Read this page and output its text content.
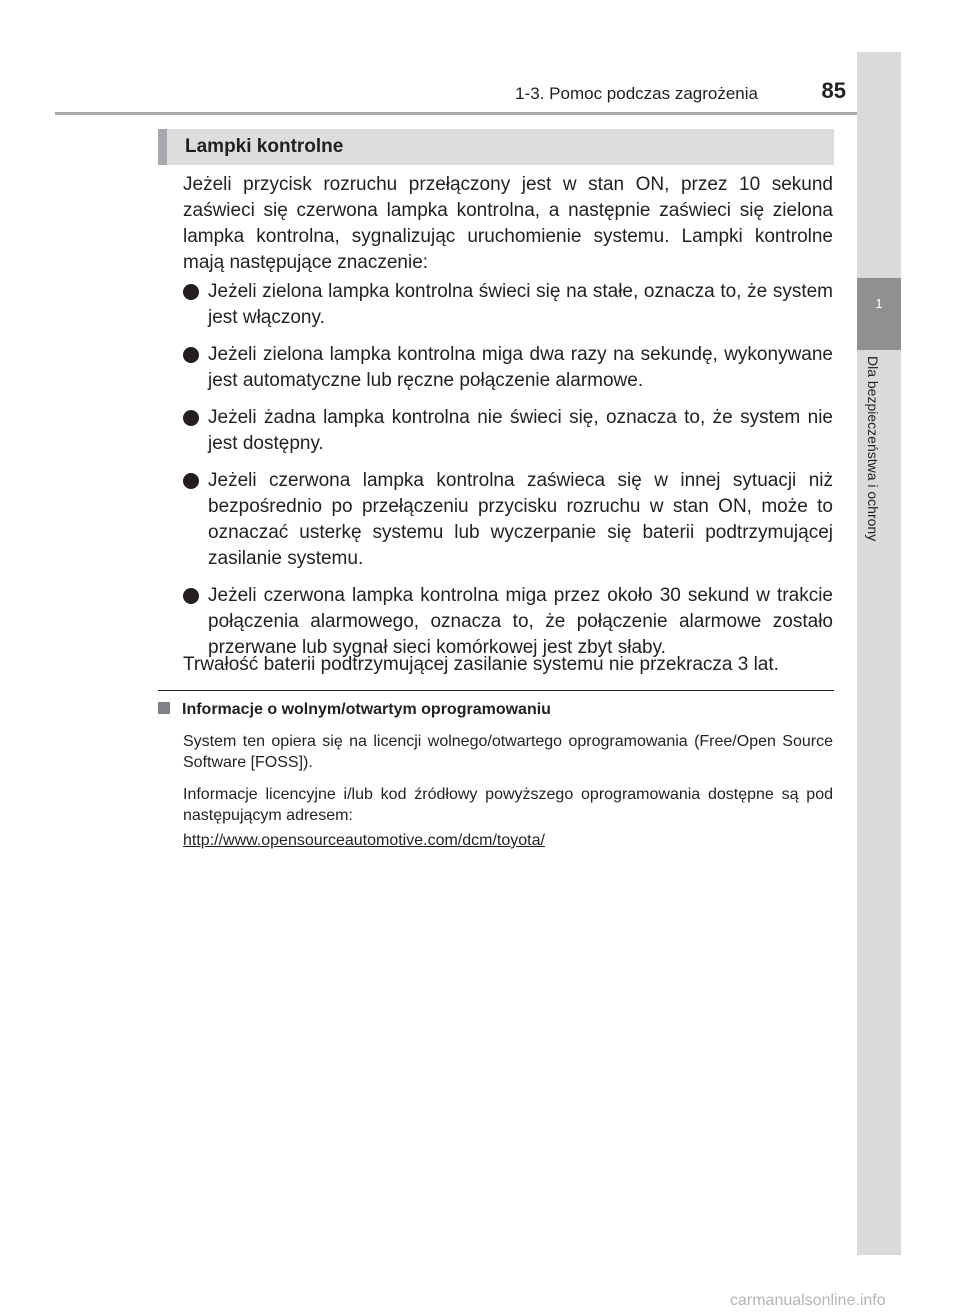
1-3. Pomoc podczas zagrożenia	85
1
Dla bezpieczeństwa i ochrony
Lampki kontrolne
Jeżeli przycisk rozruchu przełączony jest w stan ON, przez 10 sekund zaświeci się czerwona lampka kontrolna, a następnie zaświeci się zielona lampka kontrolna, sygnalizując uruchomienie systemu. Lampki kontrolne mają następujące znaczenie:
Jeżeli zielona lampka kontrolna świeci się na stałe, oznacza to, że system jest włączony.
Jeżeli zielona lampka kontrolna miga dwa razy na sekundę, wykonywane jest automatyczne lub ręczne połączenie alarmowe.
Jeżeli żadna lampka kontrolna nie świeci się, oznacza to, że system nie jest dostępny.
Jeżeli czerwona lampka kontrolna zaświeca się w innej sytuacji niż bezpośrednio po przełączeniu przycisku rozruchu w stan ON, może to oznaczać usterkę systemu lub wyczerpanie się baterii podtrzymującej zasilanie systemu.
Jeżeli czerwona lampka kontrolna miga przez około 30 sekund w trakcie połączenia alarmowego, oznacza to, że połączenie alarmowe zostało przerwane lub sygnał sieci komórkowej jest zbyt słaby.
Trwałość baterii podtrzymującej zasilanie systemu nie przekracza 3 lat.
Informacje o wolnym/otwartym oprogramowaniu
System ten opiera się na licencji wolnego/otwartego oprogramowania (Free/Open Source Software [FOSS]).
Informacje licencyjne i/lub kod źródłowy powyższego oprogramowania dostępne są pod następującym adresem:
http://www.opensourceautomotive.com/dcm/toyota/
carmanualsonline.info
